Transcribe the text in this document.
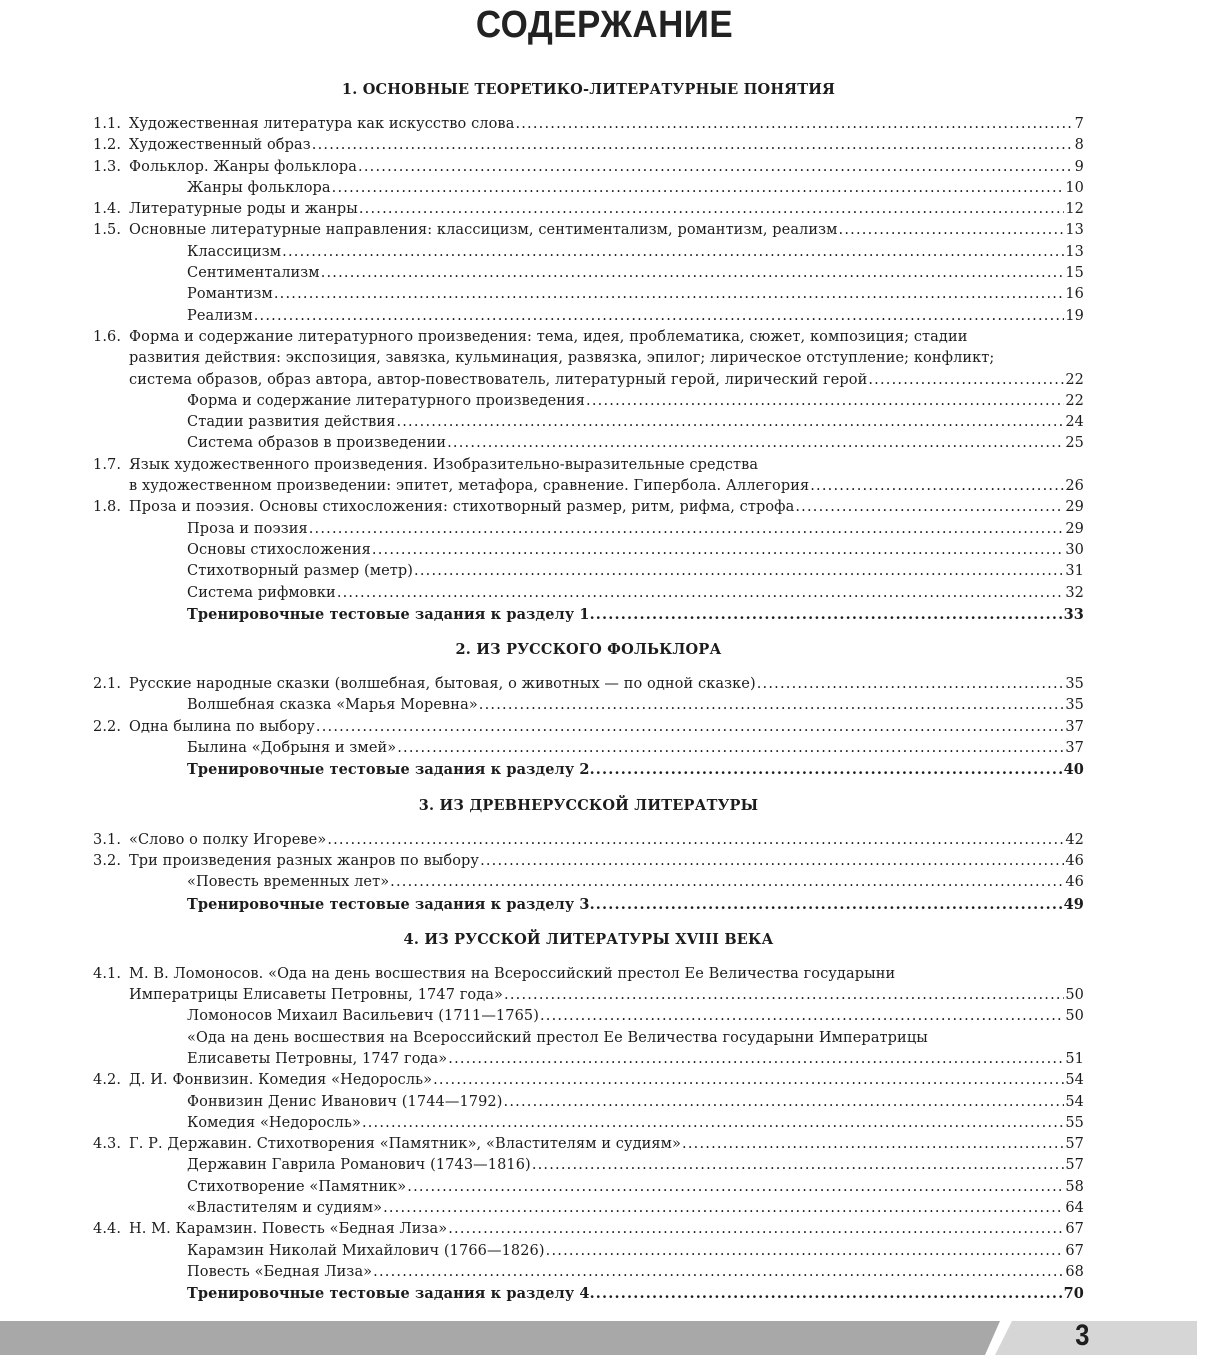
СОДЕРЖАНИЕ
1. ОСНОВНЫЕ ТЕОРЕТИКО-ЛИТЕРАТУРНЫЕ ПОНЯТИЯ
1.1. Художественная литература как искусство слова .....	7
1.2. Художественный образ .....	8
1.3. Фольклор. Жанры фольклора .....	9
Жанры фольклора .....	10
1.4. Литературные роды и жанры .....	12
1.5. Основные литературные направления: классицизм, сентиментализм, романтизм, реализм .....	13
Классицизм .....	13
Сентиментализм .....	15
Романтизм .....	16
Реализм .....	19
1.6. Форма и содержание литературного произведения: тема, идея, проблематика, сюжет, композиция; стадии
развития действия: экспозиция, завязка, кульминация, развязка, эпилог; лирическое отступление; конфликт;
система образов, образ автора, автор-повествователь, литературный герой, лирический герой .....	22
Форма и содержание литературного произведения .....	22
Стадии развития действия .....	24
Система образов в произведении .....	25
1.7. Язык художественного произведения. Изобразительно-выразительные средства
в художественном произведении: эпитет, метафора, сравнение. Гипербола. Аллегория .....	26
1.8. Проза и поэзия. Основы стихосложения: стихотворный размер, ритм, рифма, строфа .....	29
Проза и поэзия .....	29
Основы стихосложения .....	30
Стихотворный размер (метр) .....	31
Система рифмовки .....	32
Тренировочные тестовые задания к разделу 1. .....	33
2. ИЗ РУССКОГО ФОЛЬКЛОРА
2.1. Русские народные сказки (волшебная, бытовая, о животных — по одной сказке) .....	35
Волшебная сказка «Марья Моревна» .....	35
2.2. Одна былина по выбору .....	37
Былина «Добрыня и змей» .....	37
Тренировочные тестовые задания к разделу 2. .....	40
3. ИЗ ДРЕВНЕРУССКОЙ ЛИТЕРАТУРЫ
3.1. «Слово о полку Игореве» .....	42
3.2. Три произведения разных жанров по выбору .....	46
«Повесть временных лет» .....	46
Тренировочные тестовые задания к разделу 3. .....	49
4. ИЗ РУССКОЙ ЛИТЕРАТУРЫ XVIII ВЕКА
4.1. М. В. Ломоносов. «Ода на день восшествия на Всероссийский престол Ее Величества государыни
Императрицы Елисаветы Петровны, 1747 года» .....	50
Ломоносов Михаил Васильевич (1711—1765) .....	50
«Ода на день восшествия на Всероссийский престол Ее Величества государыни Императрицы
Елисаветы Петровны, 1747 года» .....	51
4.2. Д. И. Фонвизин. Комедия «Недоросль» .....	54
Фонвизин Денис Иванович (1744—1792) .....	54
Комедия «Недоросль» .....	55
4.3. Г. Р. Державин. Стихотворения «Памятник», «Властителям и судиям» .....	57
Державин Гаврила Романович (1743—1816) .....	57
Стихотворение «Памятник» .....	58
«Властителям и судиям» .....	64
4.4. Н. М. Карамзин. Повесть «Бедная Лиза» .....	67
Карамзин Николай Михайлович (1766—1826) .....	67
Повесть «Бедная Лиза» .....	68
Тренировочные тестовые задания к разделу 4. .....	70
3
